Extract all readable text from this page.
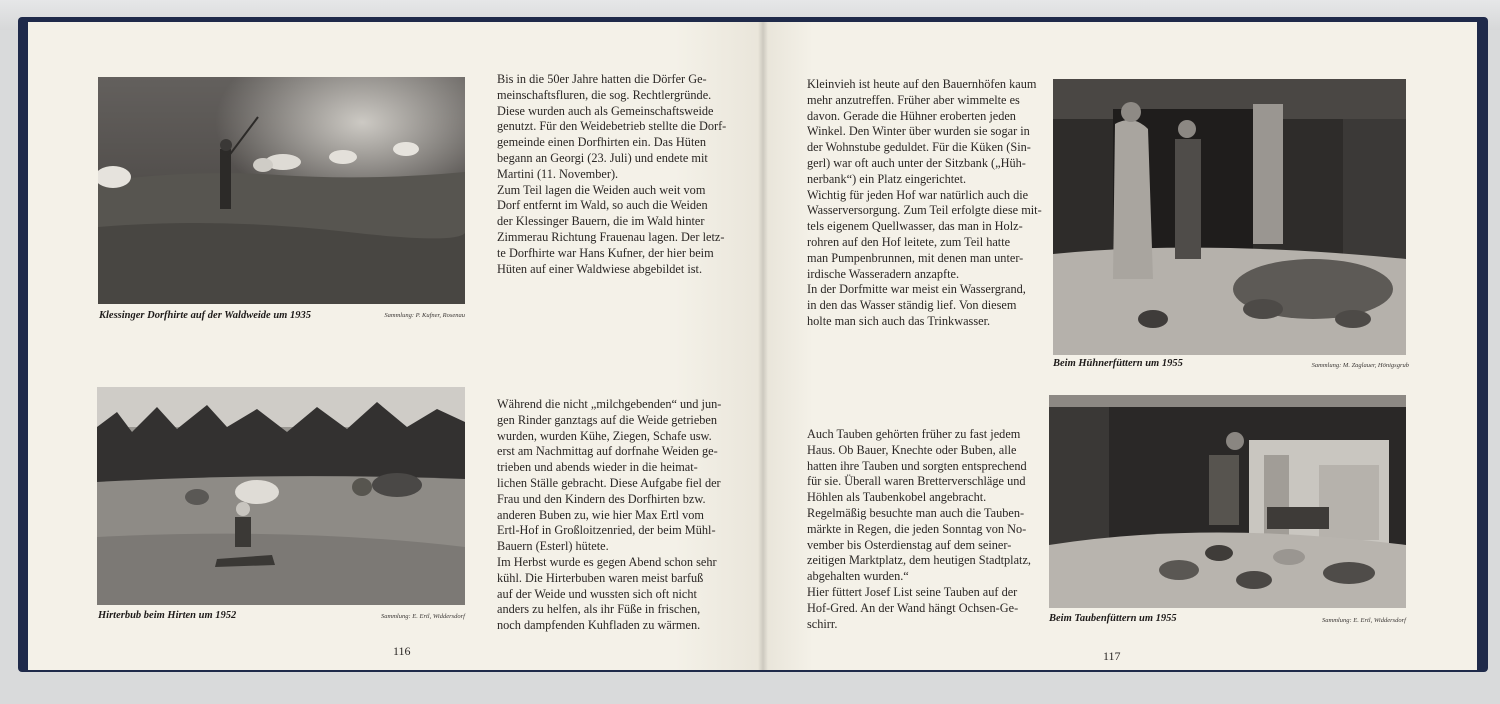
Klessinger Dorfhirte auf der Waldweide um 1935	Sammlung: P. Kufner, Rosenau
Bis in die 50er Jahre hatten die Dörfer Ge-
meinschaftsfluren, die sog. Rechtlergründe.
Diese wurden auch als Gemeinschaftsweide
genutzt. Für den Weidebetrieb stellte die Dorf-
gemeinde einen Dorfhirten ein. Das Hüten
begann an Georgi (23. Juli) und endete mit
Martini (11. November).
Zum Teil lagen die Weiden auch weit vom
Dorf entfernt im Wald, so auch die Weiden
der Klessinger Bauern, die im Wald hinter
Zimmerau Richtung Frauenau lagen. Der letz-
te Dorfhirte war Hans Kufner, der hier beim
Hüten auf einer Waldwiese abgebildet ist.
Hirterbub beim Hirten um 1952	Sammlung: E. Ertl, Widdersdorf
Während die nicht „milchgebenden“ und jun-
gen Rinder ganztags auf die Weide getrieben
wurden, wurden Kühe, Ziegen, Schafe usw.
erst am Nachmittag auf dorfnahe Weiden ge-
trieben und abends wieder in die heimat-
lichen Ställe gebracht. Diese Aufgabe fiel der
Frau und den Kindern des Dorfhirten bzw.
anderen Buben zu, wie hier Max Ertl vom
Ertl-Hof in Großloitzenried, der beim Mühl-
Bauern (Esterl) hütete.
Im Herbst wurde es gegen Abend schon sehr
kühl. Die Hirterbuben waren meist barfuß
auf der Weide und wussten sich oft nicht
anders zu helfen, als ihr Füße in frischen,
noch dampfenden Kuhfladen zu wärmen.
116
Kleinvieh ist heute auf den Bauernhöfen kaum
mehr anzutreffen. Früher aber wimmelte es
davon. Gerade die Hühner eroberten jeden
Winkel. Den Winter über wurden sie sogar in
der Wohnstube geduldet. Für die Küken (Sin-
gerl) war oft auch unter der Sitzbank („Hüh-
nerbank“) ein Platz eingerichtet.
Wichtig für jeden Hof war natürlich auch die
Wasserversorgung. Zum Teil erfolgte diese mit-
tels eigenem Quellwasser, das man in Holz-
rohren auf den Hof leitete, zum Teil hatte
man Pumpenbrunnen, mit denen man unter-
irdische Wasseradern anzapfte.
In der Dorfmitte war meist ein Wassergrand,
in den das Wasser ständig lief. Von diesem
holte man sich auch das Trinkwasser.
Beim Hühnerfüttern um 1955	Sammlung: M. Zaglauer, Hönigsgrub
Auch Tauben gehörten früher zu fast jedem
Haus. Ob Bauer, Knechte oder Buben, alle
hatten ihre Tauben und sorgten entsprechend
für sie. Überall waren Bretterverschläge und
Höhlen als Taubenkobel angebracht.
Regelmäßig besuchte man auch die Tauben-
märkte in Regen, die jeden Sonntag von No-
vember bis Osterdienstag auf dem seiner-
zeitigen Marktplatz, dem heutigen Stadtplatz,
abgehalten wurden.“
Hier füttert Josef List seine Tauben auf der
Hof-Gred. An der Wand hängt Ochsen-Ge-
schirr.	Beim Taubenfüttern um 1955	Sammlung: E. Ertl, Widdersdorf
117
